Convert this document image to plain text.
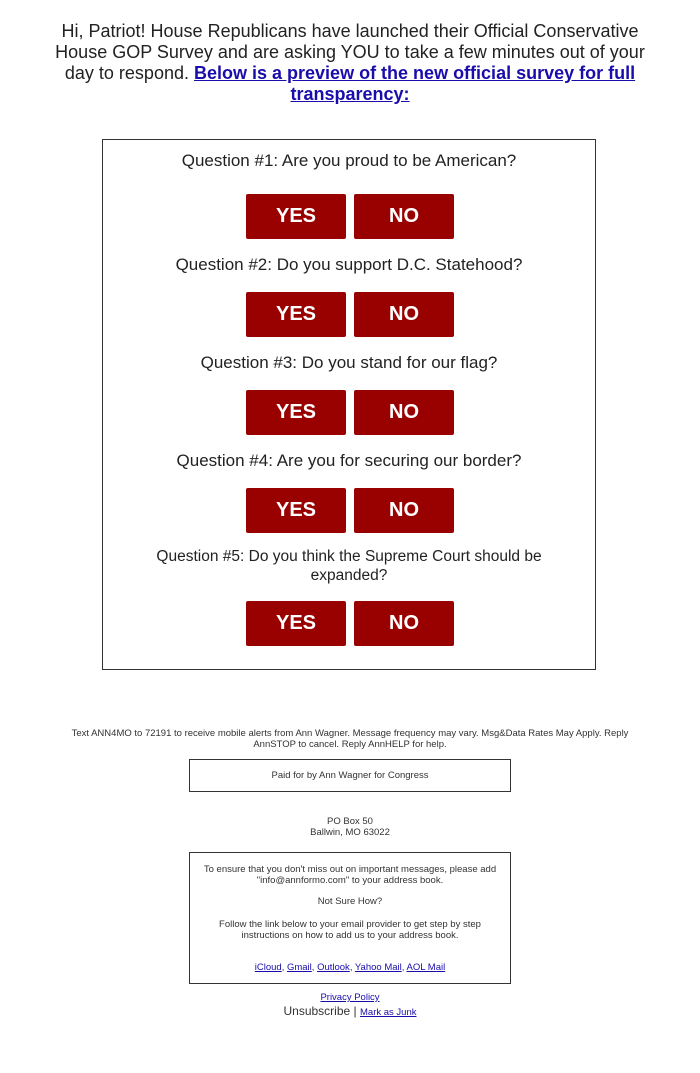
Hi, Patriot! House Republicans have launched their Official Conservative House GOP Survey and are asking YOU to take a few minutes out of your day to respond. Below is a preview of the new official survey for full transparency:
Question #1: Are you proud to be American?
YES	NO
Question #2: Do you support D.C. Statehood?
YES	NO
Question #3: Do you stand for our flag?
YES	NO
Question #4: Are you for securing our border?
YES	NO
Question #5: Do you think the Supreme Court should be expanded?
YES	NO
Text ANN4MO to 72191 to receive mobile alerts from Ann Wagner. Message frequency may vary. Msg&Data Rates May Apply. Reply AnnSTOP to cancel. Reply AnnHELP for help.
Paid for by Ann Wagner for Congress
PO Box 50
Ballwin, MO 63022
To ensure that you don't miss out on important messages, please add "info@annformo.com" to your address book.
Not Sure How?
Follow the link below to your email provider to get step by step instructions on how to add us to your address book.
iCloud, Gmail, Outlook, Yahoo Mail, AOL Mail
Privacy Policy
Unsubscribe | Mark as Junk
